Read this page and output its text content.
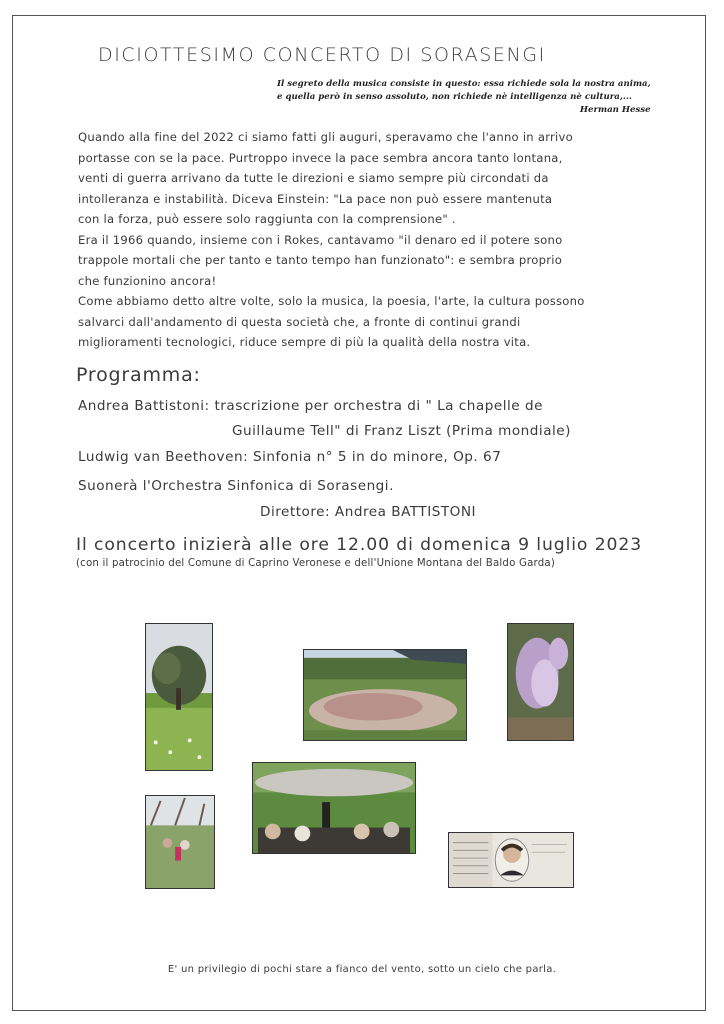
DICIOTTESIMO CONCERTO DI SORASENGI
Il segreto della musica consiste in questo: essa richiede sola la nostra anima,
e quella però in senso assoluto, non richiede nè intelligenza nè cultura,...
Herman Hesse
Quando alla fine del 2022 ci siamo fatti gli auguri, speravamo che l'anno in arrivo
portasse con se la pace. Purtroppo invece la pace sembra ancora tanto lontana,
venti di guerra arrivano da tutte le direzioni e siamo sempre più circondati da
intolleranza e instabilità. Diceva Einstein: "La pace non può essere mantenuta
con la forza, può essere solo raggiunta con la comprensione" .
Era il 1966 quando, insieme con i Rokes, cantavamo "il denaro ed il potere sono
trappole mortali che per tanto e tanto tempo han funzionato": e sembra proprio
che funzionino ancora!
Come abbiamo detto altre volte, solo la musica, la poesia, l'arte, la cultura possono
salvarci dall'andamento di questa società che, a fronte di continui grandi
miglioramenti tecnologici, riduce sempre di più la qualità della nostra vita.
Programma:
Andrea Battistoni: trascrizione per orchestra di " La chapelle de
Guillaume Tell" di Franz Liszt (Prima mondiale)
Ludwig van Beethoven: Sinfonia n° 5 in do minore, Op. 67
Suonerà l'Orchestra Sinfonica di Sorasengi.
Direttore: Andrea BATTISTONI
Il concerto inizierà alle ore 12.00 di domenica 9 luglio 2023
(con il patrocinio del Comune di Caprino Veronese e dell'Unione Montana del Baldo Garda)
E' un privilegio di pochi stare a fianco del vento, sotto un cielo che parla.
